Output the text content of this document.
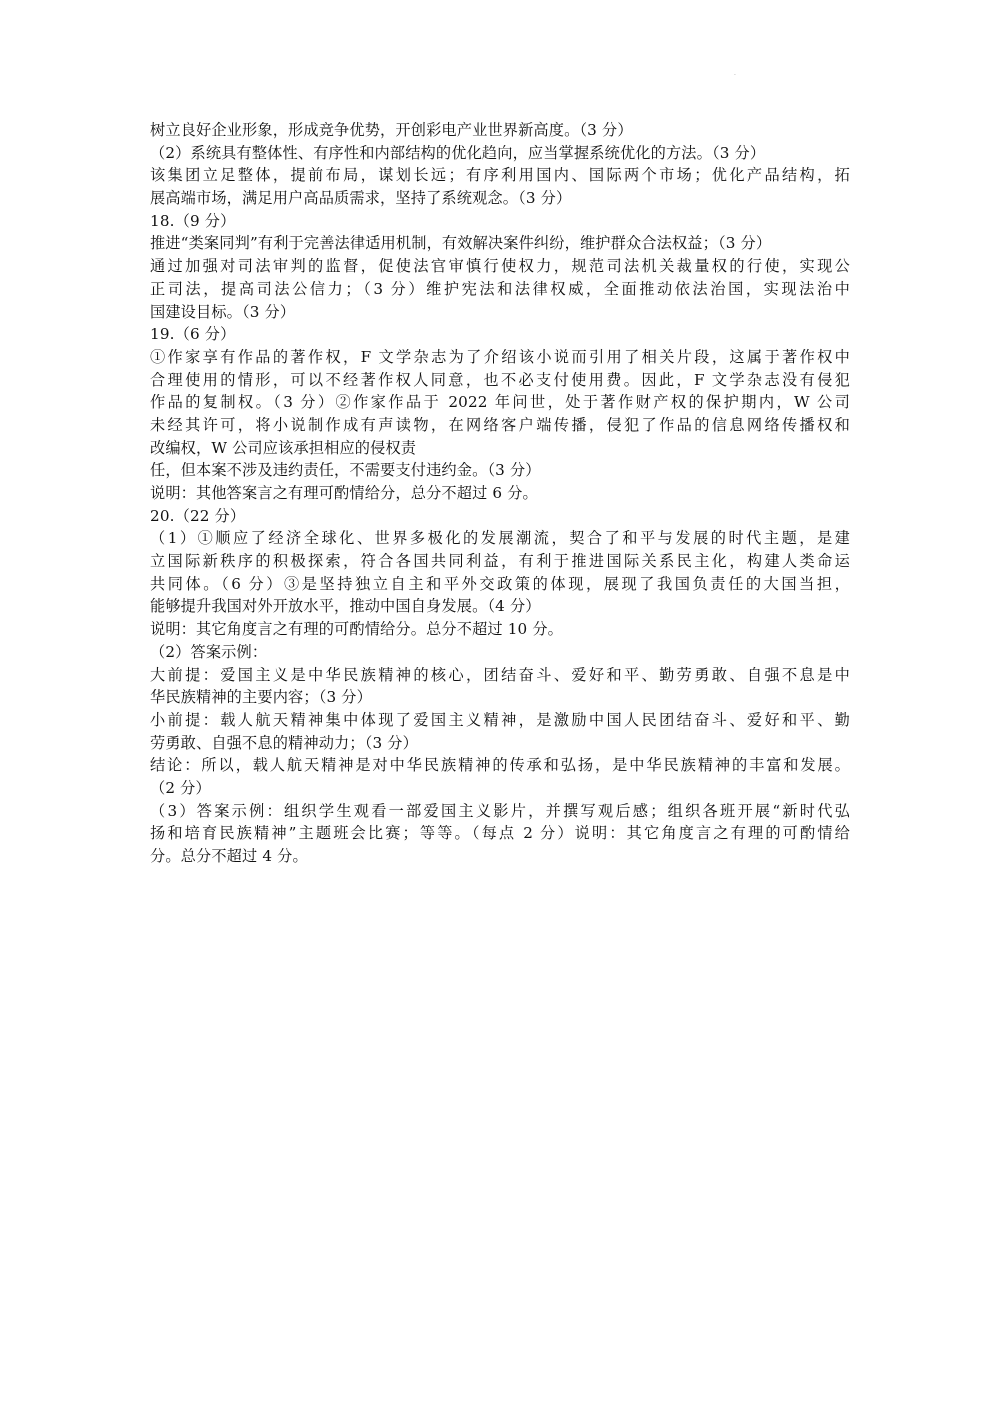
·
树立良好企业形象，形成竞争优势，开创彩电产业世界新高度。（3 分）
（2）系统具有整体性、有序性和内部结构的优化趋向，应当掌握系统优化的方法。（3 分）
该集团立足整体，提前布局，谋划长远；有序利用国内、国际两个市场；优化产品结构，拓
展高端市场，满足用户高品质需求，坚持了系统观念。（3 分）
18.（9 分）
推进“类案同判”有利于完善法律适用机制，有效解决案件纠纷，维护群众合法权益；（3 分）
通过加强对司法审判的监督，促使法官审慎行使权力，规范司法机关裁量权的行使，实现公
正司法，提高司法公信力；（3 分）维护宪法和法律权威，全面推动依法治国，实现法治中
国建设目标。（3 分）
19.（6 分）
①作家享有作品的著作权，F 文学杂志为了介绍该小说而引用了相关片段，这属于著作权中
合理使用的情形，可以不经著作权人同意，也不必支付使用费。因此，F 文学杂志没有侵犯
作品的复制权。（3 分）②作家作品于 2022 年问世，处于著作财产权的保护期内，W 公司
未经其许可，将小说制作成有声读物，在网络客户端传播，侵犯了作品的信息网络传播权和
改编权，W 公司应该承担相应的侵权责
任，但本案不涉及违约责任，不需要支付违约金。（3 分）
说明：其他答案言之有理可酌情给分，总分不超过 6 分。
20.（22 分）
（1）①顺应了经济全球化、世界多极化的发展潮流，契合了和平与发展的时代主题，是建
立国际新秩序的积极探索，符合各国共同利益，有利于推进国际关系民主化，构建人类命运
共同体。（6 分）③是坚持独立自主和平外交政策的体现，展现了我国负责任的大国当担，
能够提升我国对外开放水平，推动中国自身发展。（4 分）
说明：其它角度言之有理的可酌情给分。总分不超过 10 分。
（2）答案示例：
大前提：爱国主义是中华民族精神的核心，团结奋斗、爱好和平、勤劳勇敢、自强不息是中
华民族精神的主要内容；（3 分）
小前提：载人航天精神集中体现了爱国主义精神，是激励中国人民团结奋斗、爱好和平、勤
劳勇敢、自强不息的精神动力；（3 分）
结论：所以，载人航天精神是对中华民族精神的传承和弘扬，是中华民族精神的丰富和发展。
（2 分）
（3）答案示例：组织学生观看一部爱国主义影片，并撰写观后感；组织各班开展“新时代弘
扬和培育民族精神”主题班会比赛；等等。（每点 2 分）说明：其它角度言之有理的可酌情给
分。总分不超过 4 分。
